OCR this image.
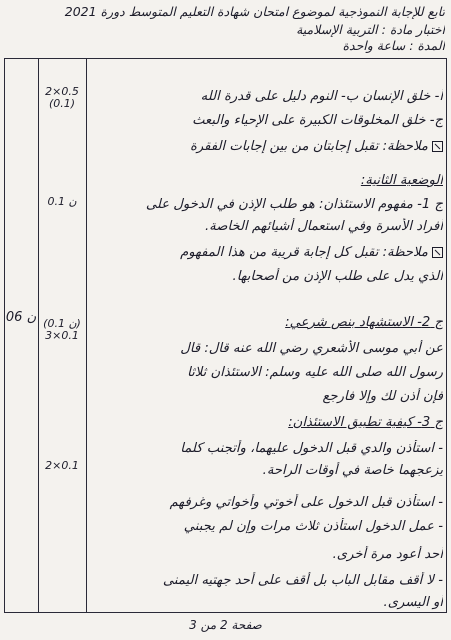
تابع للإجابة النموذجية لموضوع امتحان شهادة التعليم المتوسط دورة 2021
اختبار مادة : التربية الإسلامية
المدة : ساعة واحدة
06 ن
2×0.5
(0.1)
0.1 ن
(0.1 ن)
3×0.1
2×0.1
أ- خلق الإنسان ب- النوم دليل على قدرة الله
ج- خلق المخلوقات الكبيرة على الإحياء والبعث
ملاحظة: تقبل إجابتان من بين إجابات الفقرة
الوضعية الثانية:
ج 1- مفهوم الاستئذان: هو طلب الإذن في الدخول على
أفراد الأسرة وفي استعمال أشيائهم الخاصة.
ملاحظة: تقبل كل إجابة قريبة من هذا المفهوم
الذي يدل على طلب الإذن من أصحابها.
ج 2- الاستشهاد بنص شرعي:
عن أبي موسى الأشعري رضي الله عنه قال: قال
رسول الله صلى الله عليه وسلم: الاستئذان ثلاثا
فإن أذن لك وإلا فارجع
ج 3- كيفية تطبيق الاستئذان:
- استأذن والدي قبل الدخول عليهما، وأتجنب كلما
يزعجهما خاصة في أوقات الراحة.
- استأذن قبل الدخول على أخوتي وأخواتي وغرفهم
- عمل الدخول استأذن ثلاث مرات وإن لم يجبني
أحد أعود مرة أخرى.
- لا أقف مقابل الباب بل أقف على أحد جهتيه اليمنى
أو اليسرى.
صفحة 2 من 3
